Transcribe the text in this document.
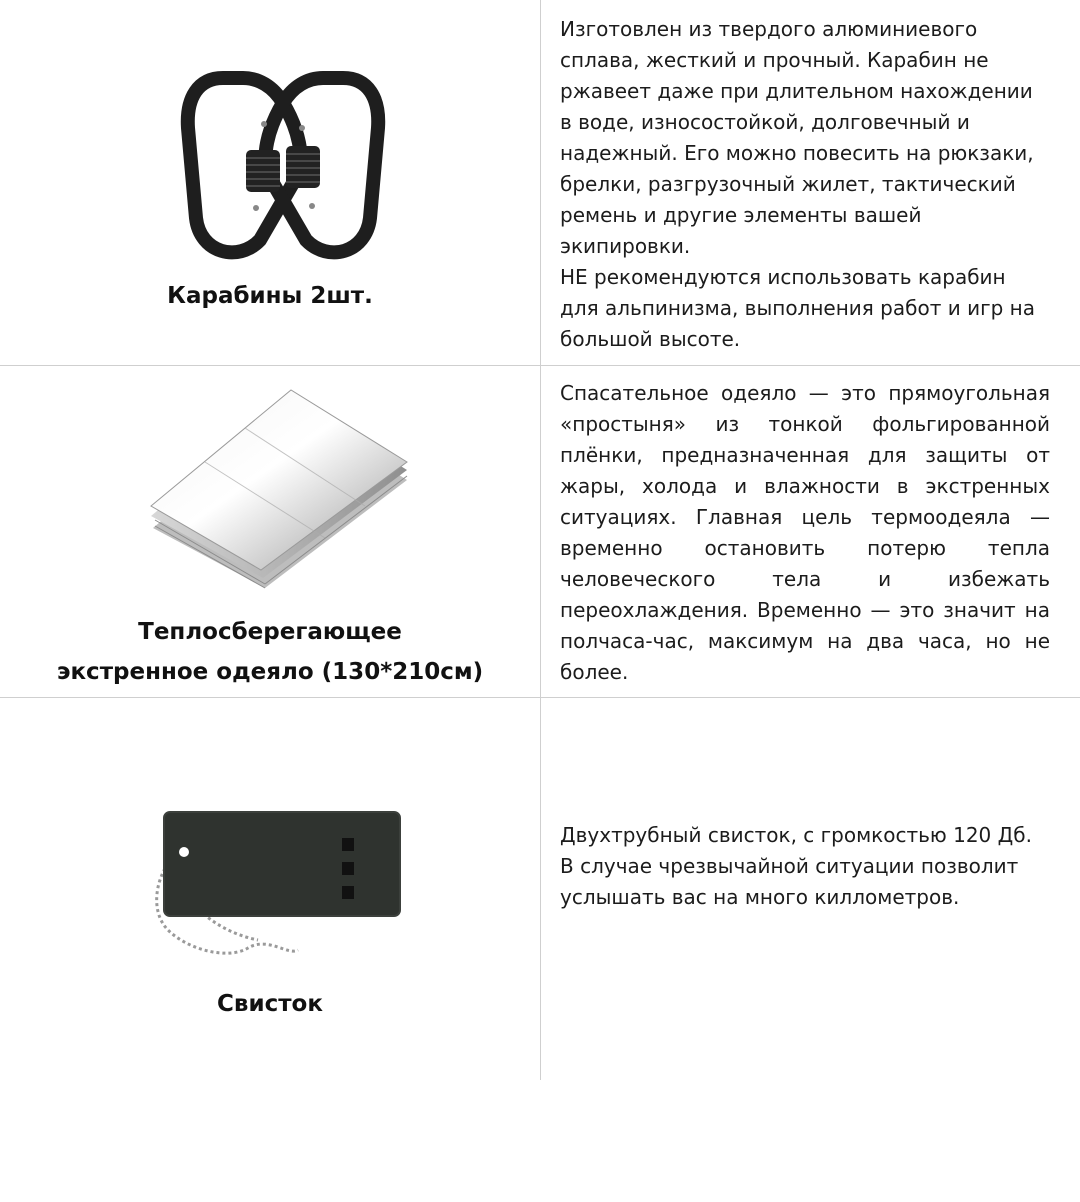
Карабины 2шт.

Изготовлен из твердого алюминиевого сплава, жесткий и прочный. Карабин не ржавеет даже при длительном нахождении в воде, износостойкой, долговечный и надежный. Его можно повесить на рюкзаки, брелки, разгрузочный жилет, тактический ремень и другие элементы вашей экипировки.

НЕ рекомендуются использовать карабин для альпинизма, выполнения работ и игр на большой высоте.

Теплосберегающее
экстренное одеяло (130*210см)

Спасательное одеяло — это прямоугольная «простыня» из тонкой фольгированной плёнки, предназначенная для защиты от жары, холода и влажности в экстренных ситуациях. Главная цель термоодеяла — временно остановить потерю тепла человеческого тела и избежать переохлаждения. Временно — это значит на полчаса-час, максимум на два часа, но не более.

Свисток

Двухтрубный свисток, с громкостью 120 Дб. В случае чрезвычайной ситуации позволит услышать вас на много киллометров.
